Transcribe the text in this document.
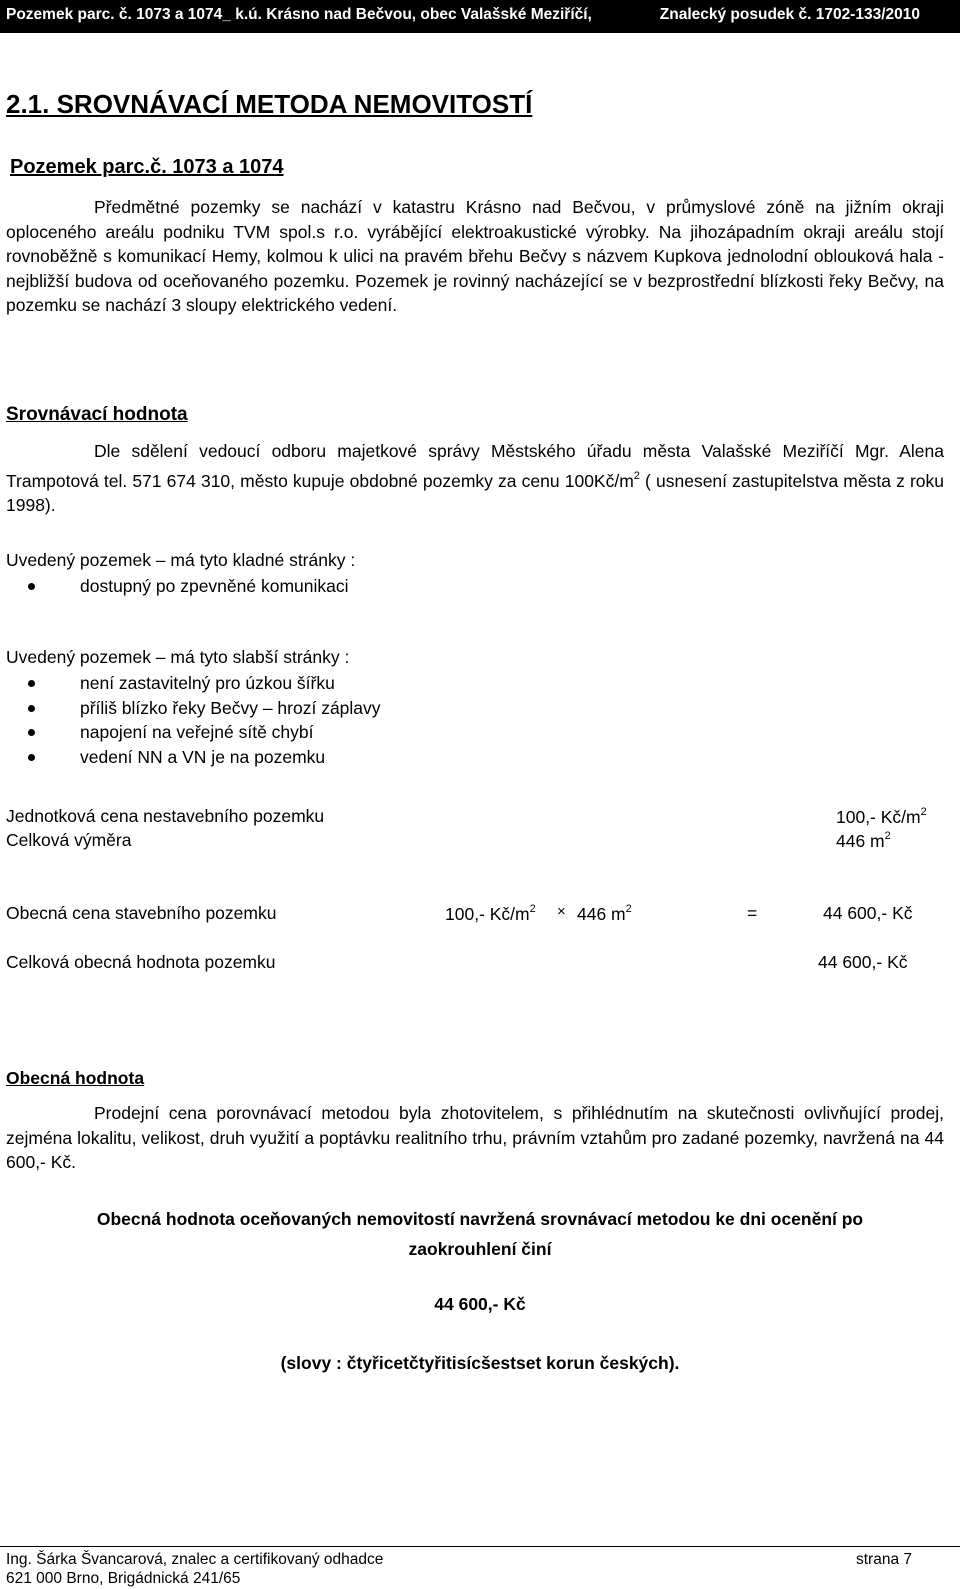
Pozemek parc. č. 1073 a 1074_ k.ú. Krásno nad Bečvou, obec Valašské Meziříčí,	Znalecký posudek č. 1702-133/2010
2.1. SROVNÁVACÍ METODA NEMOVITOSTÍ
Pozemek parc.č. 1073 a 1074
Předmětné pozemky se nachází v katastru Krásno nad Bečvou, v průmyslové zóně na jižním okraji oploceného areálu podniku TVM spol.s r.o. vyrábějící elektroakustické výrobky. Na jihozápadním okraji areálu stojí rovnoběžně s komunikací Hemy, kolmou k ulici na pravém břehu Bečvy s názvem Kupkova jednolodní oblouková hala - nejbližší budova od oceňovaného pozemku. Pozemek je rovinný nacházející se v bezprostřední blízkosti řeky Bečvy, na pozemku se nachází 3 sloupy elektrického vedení.
Srovnávací hodnota
Dle sdělení vedoucí odboru majetkové správy Městského úřadu města Valašské Meziříčí Mgr. Alena Trampotová tel. 571 674 310, město kupuje obdobné pozemky za cenu $100Kč/m^2$ ( usnesení zastupitelstva města z roku 1998).
Uvedený pozemek – má tyto kladné stránky :
dostupný po zpevněné komunikaci
Uvedený pozemek – má tyto slabší stránky :
není zastavitelný pro úzkou šířku
příliš blízko řeky Bečvy – hrozí záplavy
napojení na veřejné sítě chybí
vedení NN a VN je na pozemku
Jednotková cena nestavebního pozemku	100,- $Kč/m^2$
Celková výměra	446 $m^2$
Obecná cena stavebního pozemku	100,- $Kč/m^2 \times 446$ $m^2$	=	44 600,- Kč
Celková obecná hodnota pozemku	44 600,- Kč
Obecná hodnota
Prodejní cena porovnávací metodou byla zhotovitelem, s přihlédnutím na skutečnosti ovlivňující prodej, zejména lokalitu, velikost, druh využití a poptávku realitního trhu, právním vztahům pro zadané pozemky, navržená na 44 600,- Kč.
Obecná hodnota oceňovaných nemovitostí navržená srovnávací metodou ke dni ocenění po
zaokrouhlení činí
44 600,- Kč
(slovy : čtyřicetčtyřitisícšestset korun českých).
Ing. Šárka Švancarová, znalec a certifikovaný odhadce	strana 7
621 000 Brno, Brigádnická 241/65
